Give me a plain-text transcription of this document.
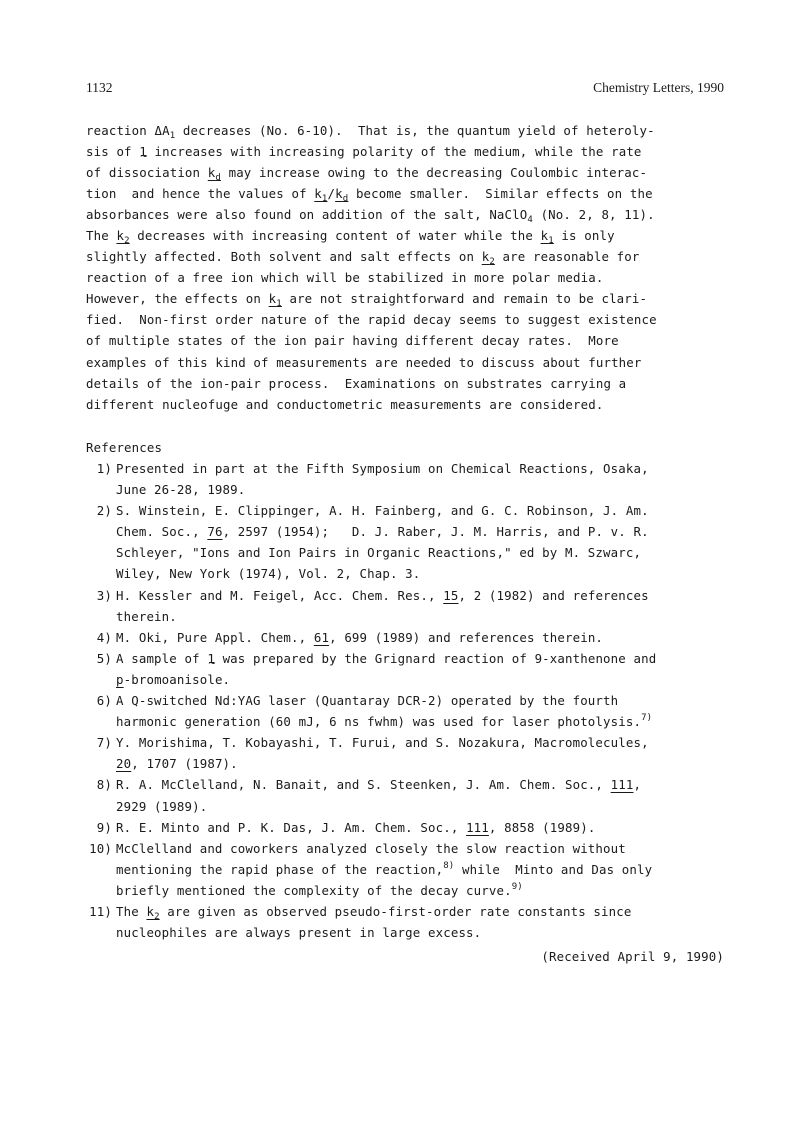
1132	Chemistry Letters, 1990
reaction $\Delta A_1$ decreases (No. 6-10).  That is, the quantum yield of heteroly-
sis of 1 ~ increases with increasing polarity of the medium, while the rate
of dissociation $k_d$ may increase owing to the decreasing Coulombic interac-
tion  and hence the values of $k_1/k_d$ become smaller.  Similar effects on the
absorbances were also found on addition of the salt, NaClO$_4$ (No. 2, 8, 11).
The $k_2$ decreases with increasing content of water while the $k_1$ is only
slightly affected. Both solvent and salt effects on $k_2$ are reasonable for
reaction of a free ion which will be stabilized in more polar media.
However, the effects on $k_1$ are not straightforward and remain to be clari-
fied.  Non-first order nature of the rapid decay seems to suggest existence
of multiple states of the ion pair having different decay rates.  More
examples of this kind of measurements are needed to discuss about further
details of the ion-pair process.  Examinations on substrates carrying a
different nucleofuge and conductometric measurements are considered.
References
1) Presented in part at the Fifth Symposium on Chemical Reactions, Osaka,
June 26-28, 1989.
2) S. Winstein, E. Clippinger, A. H. Fainberg, and G. C. Robinson, J. Am.
Chem. Soc., 76, 2597 (1954);   D. J. Raber, J. M. Harris, and P. v. R.
Schleyer, "Ions and Ion Pairs in Organic Reactions," ed by M. Szwarc,
Wiley, New York (1974), Vol. 2, Chap. 3.
3) H. Kessler and M. Feigel, Acc. Chem. Res., 15, 2 (1982) and references
therein.
4) M. Oki, Pure Appl. Chem., 61, 699 (1989) and references therein.
5) A sample of 1 ~ was prepared by the Grignard reaction of 9-xanthenone and
p-bromoanisole.
6) A Q-switched Nd:YAG laser (Quantaray DCR-2) operated by the fourth
harmonic generation (60 mJ, 6 ns fwhm) was used for laser photolysis.$^{7)}$
7) Y. Morishima, T. Kobayashi, T. Furui, and S. Nozakura, Macromolecules,
20, 1707 (1987).
8) R. A. McClelland, N. Banait, and S. Steenken, J. Am. Chem. Soc., 111,
2929 (1989).
9) R. E. Minto and P. K. Das, J. Am. Chem. Soc., 111, 8858 (1989).
10) McClelland and coworkers analyzed closely the slow reaction without
mentioning the rapid phase of the reaction,$^{8)}$ while  Minto and Das only
briefly mentioned the complexity of the decay curve.$^{9)}$
11) The $k_2$ are given as observed pseudo-first-order rate constants since
nucleophiles are always present in large excess.
(Received April 9, 1990)
